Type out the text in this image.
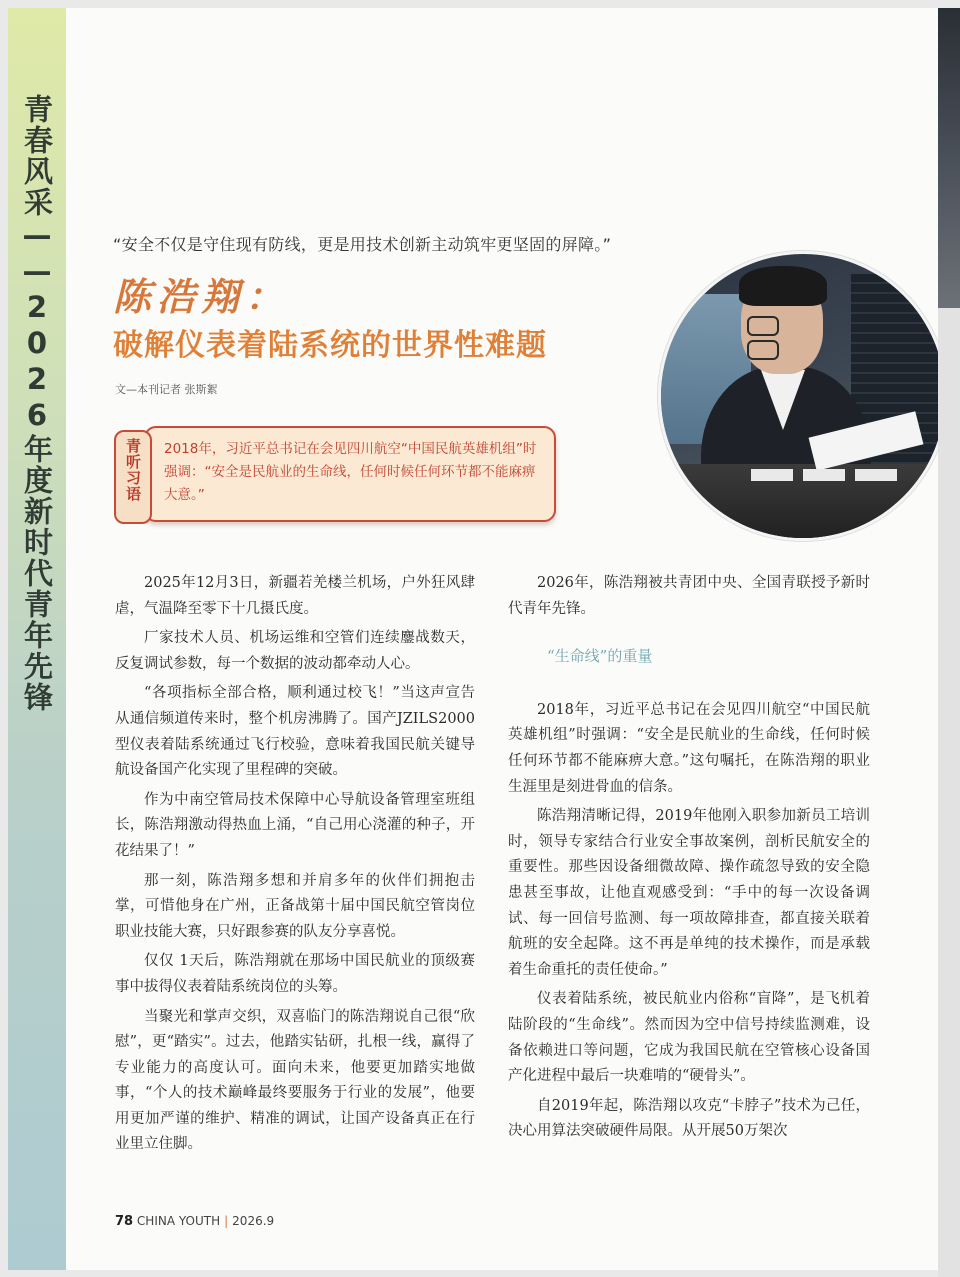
青春风采——2026年度新时代青年先锋	“安全不仅是守住现有防线，更是用技术创新主动筑牢更坚固的屏障。”
陈浩翔：
破解仪表着陆系统的世界性难题
文—本刊记者 张斯絮
2018年，习近平总书记在会见四川航空“中国民航英雄机组”时强调：“安全是民航业的生命线，任何时候任何环节都不能麻痹大意。”
青听习语

2025年12月3日，新疆若羌楼兰机场，户外狂风肆虐，气温降至零下十几摄氏度。

厂家技术人员、机场运维和空管们连续鏖战数天，反复调试参数，每一个数据的波动都牵动人心。

“各项指标全部合格，顺利通过校飞！”当这声宣告从通信频道传来时，整个机房沸腾了。国产JZILS2000型仪表着陆系统通过飞行校验，意味着我国民航关键导航设备国产化实现了里程碑的突破。

作为中南空管局技术保障中心导航设备管理室班组长，陈浩翔激动得热血上涌，“自己用心浇灌的种子，开花结果了！”

那一刻，陈浩翔多想和并肩多年的伙伴们拥抱击掌，可惜他身在广州，正备战第十届中国民航空管岗位职业技能大赛，只好跟参赛的队友分享喜悦。

仅仅 1天后，陈浩翔就在那场中国民航业的顶级赛事中拔得仪表着陆系统岗位的头筹。

当聚光和掌声交织，双喜临门的陈浩翔说自己很“欣慰”，更“踏实”。过去，他踏实钻研，扎根一线，赢得了专业能力的高度认可。面向未来，他要更加踏实地做事，“个人的技术巅峰最终要服务于行业的发展”，他要用更加严谨的维护、精准的调试，让国产设备真正在行业里立住脚。

2026年，陈浩翔被共青团中央、全国青联授予新时代青年先锋。

“生命线”的重量

2018年，习近平总书记在会见四川航空“中国民航英雄机组”时强调：“安全是民航业的生命线，任何时候任何环节都不能麻痹大意。”这句嘱托，在陈浩翔的职业生涯里是刻进骨血的信条。

陈浩翔清晰记得，2019年他刚入职参加新员工培训时，领导专家结合行业安全事故案例，剖析民航安全的重要性。那些因设备细微故障、操作疏忽导致的安全隐患甚至事故，让他直观感受到：“手中的每一次设备调试、每一回信号监测、每一项故障排查，都直接关联着航班的安全起降。这不再是单纯的技术操作，而是承载着生命重托的责任使命。”

仪表着陆系统，被民航业内俗称“盲降”，是飞机着陆阶段的“生命线”。然而因为空中信号持续监测难，设备依赖进口等问题，它成为我国民航在空管核心设备国产化进程中最后一块难啃的“硬骨头”。

自2019年起，陈浩翔以攻克“卡脖子”技术为己任，决心用算法突破硬件局限。从开展50万架次

78 CHINA YOUTH | 2026.9
